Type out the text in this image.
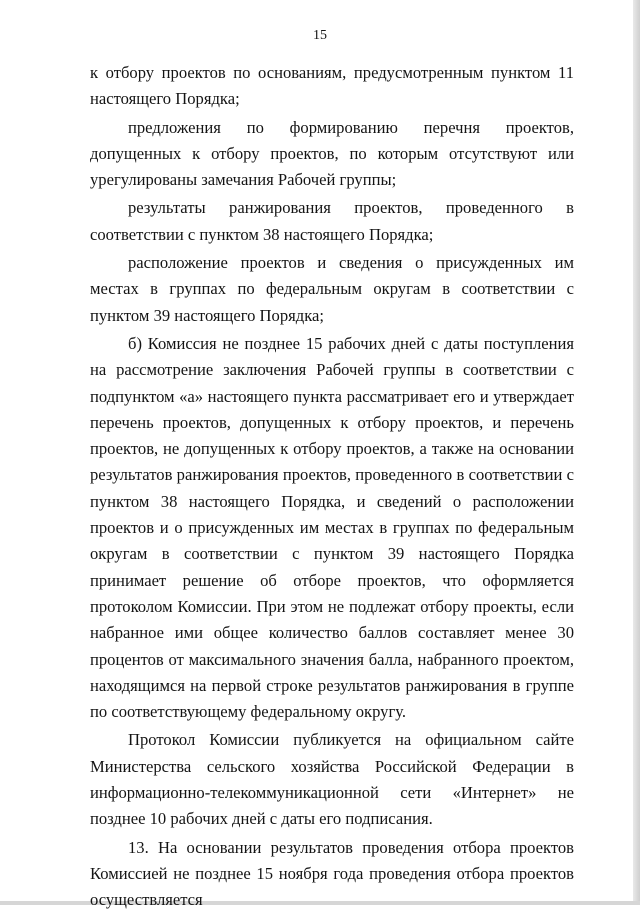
15

к отбору проектов по основаниям, предусмотренным пунктом 11 настоящего Порядка;

предложения по формированию перечня проектов, допущенных к отбору проектов, по которым отсутствуют или урегулированы замечания Рабочей группы;

результаты ранжирования проектов, проведенного в соответствии с пунктом 38 настоящего Порядка;

расположение проектов и сведения о присужденных им местах в группах по федеральным округам в соответствии с пунктом 39 настоящего Порядка;

б) Комиссия не позднее 15 рабочих дней с даты поступления на рассмотрение заключения Рабочей группы в соответствии с подпунктом «а» настоящего пункта рассматривает его и утверждает перечень проектов, допущенных к отбору проектов, и перечень проектов, не допущенных к отбору проектов, а также на основании результатов ранжирования проектов, проведенного в соответствии с пунктом 38 настоящего Порядка, и сведений о расположении проектов и о присужденных им местах в группах по федеральным округам в соответствии с пунктом 39 настоящего Порядка принимает решение об отборе проектов, что оформляется протоколом Комиссии. При этом не подлежат отбору проекты, если набранное ими общее количество баллов составляет менее 30 процентов от максимального значения балла, набранного проектом, находящимся на первой строке результатов ранжирования в группе по соответствующему федеральному округу.

Протокол Комиссии публикуется на официальном сайте Министерства сельского хозяйства Российской Федерации в информационно-телекоммуникационной сети «Интернет» не позднее 10 рабочих дней с даты его подписания.

13. На основании результатов проведения отбора проектов Комиссией не позднее 15 ноября года проведения отбора проектов осуществляется
